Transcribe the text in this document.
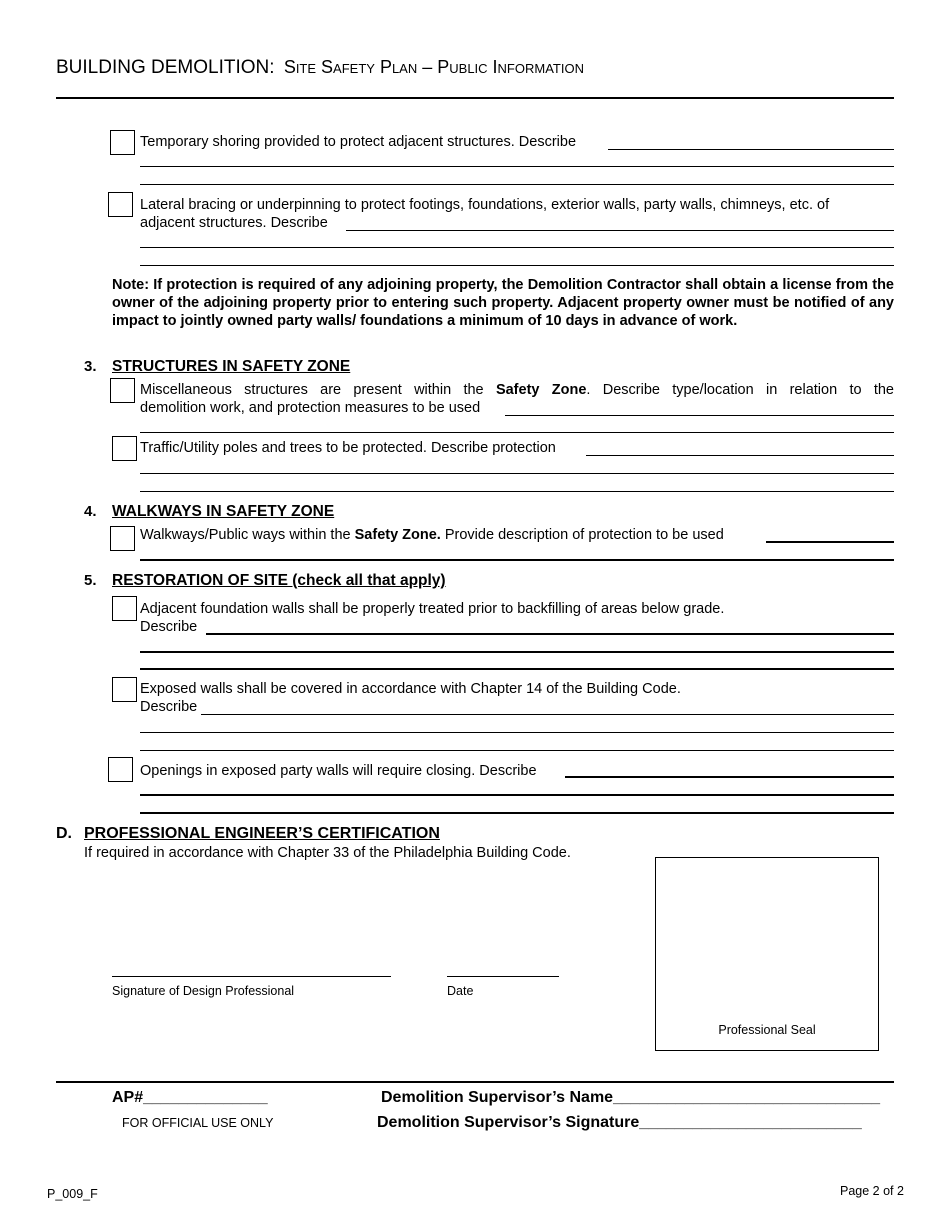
BUILDING DEMOLITION: Site Safety Plan – Public Information
Temporary shoring provided to protect adjacent structures. Describe
Lateral bracing or underpinning to protect footings, foundations, exterior walls, party walls, chimneys, etc. of
adjacent structures. Describe
Note: If protection is required of any adjoining property, the Demolition Contractor shall obtain a license from the owner of the adjoining property prior to entering such property. Adjacent property owner must be notified of any impact to jointly owned party walls/ foundations a minimum of 10 days in advance of work.
3. STRUCTURES IN SAFETY ZONE
Miscellaneous structures are present within the Safety Zone. Describe type/location in relation to the
demolition work, and protection measures to be used
Traffic/Utility poles and trees to be protected. Describe protection
4. WALKWAYS IN SAFETY ZONE
Walkways/Public ways within the Safety Zone. Provide description of protection to be used
5. RESTORATION OF SITE (check all that apply)
Adjacent foundation walls shall be properly treated prior to backfilling of areas below grade.
Describe
Exposed walls shall be covered in accordance with Chapter 14 of the Building Code.
Describe
Openings in exposed party walls will require closing. Describe
D. PROFESSIONAL ENGINEER’S CERTIFICATION
If required in accordance with Chapter 33 of the Philadelphia Building Code.
Signature of Design Professional	Date
Professional Seal
AP#______________
FOR OFFICIAL USE ONLY
Demolition Supervisor’s Name______________________________
Demolition Supervisor’s Signature_________________________
P_009_F	Page 2 of 2
